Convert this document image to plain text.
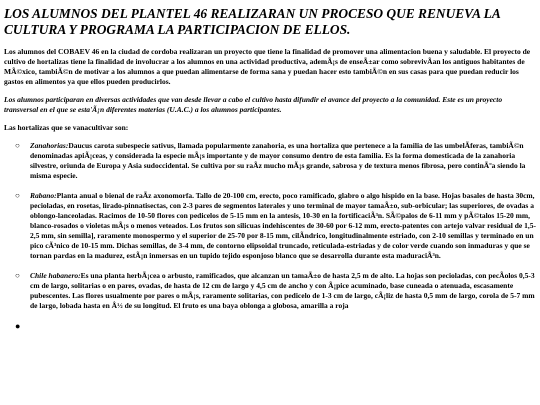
LOS ALUMNOS DEL PLANTEL 46 REALIZARAN UN PROCESO QUE RENUEVA LA CULTURA Y PROGRAMA LA PARTICIPACION DE ELLOS.

Los alumnos del COBAEV 46 en la ciudad de cordoba realizaran un proyecto que tiene la finalidad de promover una alimentacion buena y saludable. El proyecto de cultivo de hortalizas tiene la finalidad de involucrar a los alumnos en una actividad productiva, ademÃ¡s de enseÃ±ar como sobrevivÃan los antiguos habitantes de MÃ©xico, tambiÃ©n de motivar a los alumnos a que puedan alimentarse de forma sana y puedan hacer esto tambiÃ©n en sus casas para que puedan reducir los gastos en alimentos ya que ellos pueden producirlos.

Los alumnos participaran en diversas actividades que van desde llevar a cabo el cultivo hasta difundir el avance del proyecto a la comunidad. Este es un proyecto transversal en el que se esta'Ã¡n diferentes materias (U.A.C.) a los alumnos participantes.

Las hortalizas que se vanacultivar son:

○ Zanahorias:Daucus carota subespecie sativus, llamada popularmente zanahoria, es una hortaliza que pertenece a la familia de las umbelÃferas, tambiÃ©n denominadas apiÃ¡ceas, y considerada la especie mÃ¡s importante y de mayor consumo dentro de esta familia. Es la forma domesticada de la zanahoria silvestre, oriunda de Europa y Asia sudoccidental. Se cultiva por su raÃz mucho mÃ¡s grande, sabrosa y de textura menos fibrosa, pero continÃºa siendo la misma especie.
○ Rabano:Planta anual o bienal de raÃz axonomorfa. Tallo de 20-100 cm, erecto, poco ramificado, glabro o algo hispido en la base. Hojas basales de hasta 30cm, pecioladas, en rosetas, lirado-pinnatisectas, con 2-3 pares de segmentos laterales y uno terminal de mayor tamaÃ±o, sub-orbicular; las superiores, de ovadas a oblongo-lanceoladas. Racimos de 10-50 flores con pedicelos de 5-15 mm en la antesis, 10-30 en la fortificaciÃ³n. SÃ©palos de 6-11 mm y pÃ©talos 15-20 mm, blanco-rosados o violetas mÃ¡s o menos veteados. Los frutos son silicuas indehiscentes de 30-60 por 6-12 mm, erecto-patentes con artejo valvar residual de 1,5-2,5 mm, sin semilla], raramente monospermo y el superior de 25-70 por 8-15 mm, cilÃndrico, longitudinalmente estriado, con 2-10 semillas y terminado en un pico cÃ³nico de 10-15 mm. Dichas semillas, de 3-4 mm, de contorno elipsoidal truncado, reticulada-estriadas y de color verde cuando son inmaduras y que se tornan pardas en la madurez, estÃ¡n inmersas en un tupido tejido esponjoso blanco que se desarrolla durante esta maduraciÃ³n.
○ Chile habanero:Es una planta herbÃ¡cea o arbusto, ramificados, que alcanzan un tamaÃ±o de hasta 2,5 m de alto. La hojas son pecioladas, con pecÃolos 0,5-3 cm de largo, solitarias o en pares, ovadas, de hasta de 12 cm de largo y 4,5 cm de ancho y con Ã¡pice acuminado, base cuneada o atenuada, escasamente pubescentes. Las flores usualmente por pares o mÃ¡s, raramente solitarias, con pedicelo de 1-3 cm de largo, cÃ¡liz de hasta 0,5 mm de largo, corola de 5-7 mm de largo, lobada hasta en Â½ de su longitud. El fruto es una baya oblonga a globosa, amarilla a roja
●
